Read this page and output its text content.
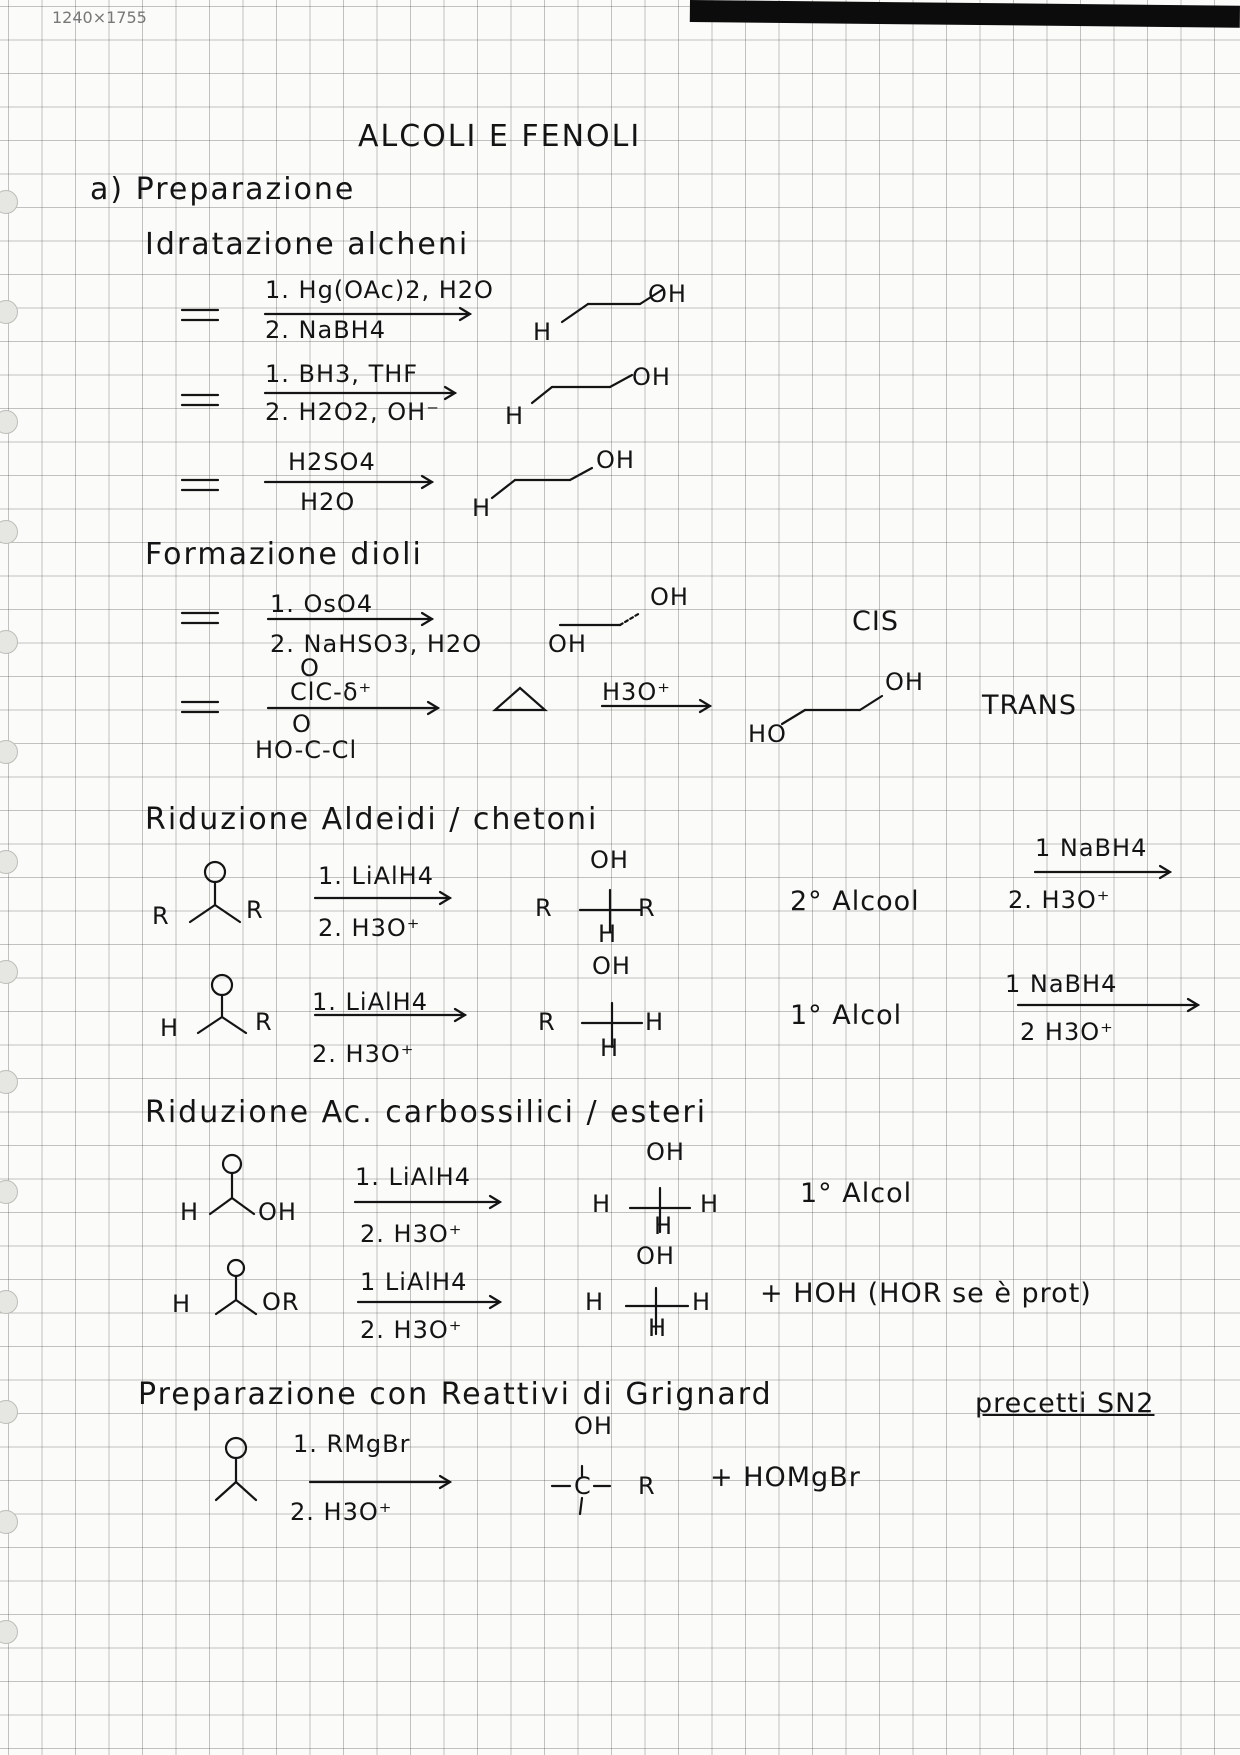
1240×1755
ALCOLI E FENOLI
a) Preparazione
Idratazione alcheni
1. Hg(OAc)2, H2O
2. NaBH4	H
OH
1. BH3, THF
2. H2O2, OH⁻	H
OH
H2SO4
H2O	H
OH
Formazione dioli
1. OsO4
2. NaHSO3, H2O	OH
OH
CIS
O
ClC-δ⁺
O
HO-C-Cl
H3O⁺
HO
OH
TRANS
Riduzione Aldeidi / chetoni
R	R
1. LiAlH4
2. H3O⁺
OH
R	R
H
2° Alcool
1 NaBH4
2. H3O⁺
H	R
1. LiAlH4
2. H3O⁺
OH
R	H
H
1° Alcol
1 NaBH4
2 H3O⁺
Riduzione Ac. carbossilici / esteri
H OH
1. LiAlH4
2. H3O⁺
OH
H	H
H
1° Alcol
H	OR
1 LiAlH4
2. H3O⁺
OH
H	H
H
+ HOH (HOR se è prot)
Preparazione con Reattivi di Grignard	precetti SN2
1. RMgBr
2. H3O⁺
OH
C R + HOMgBr
